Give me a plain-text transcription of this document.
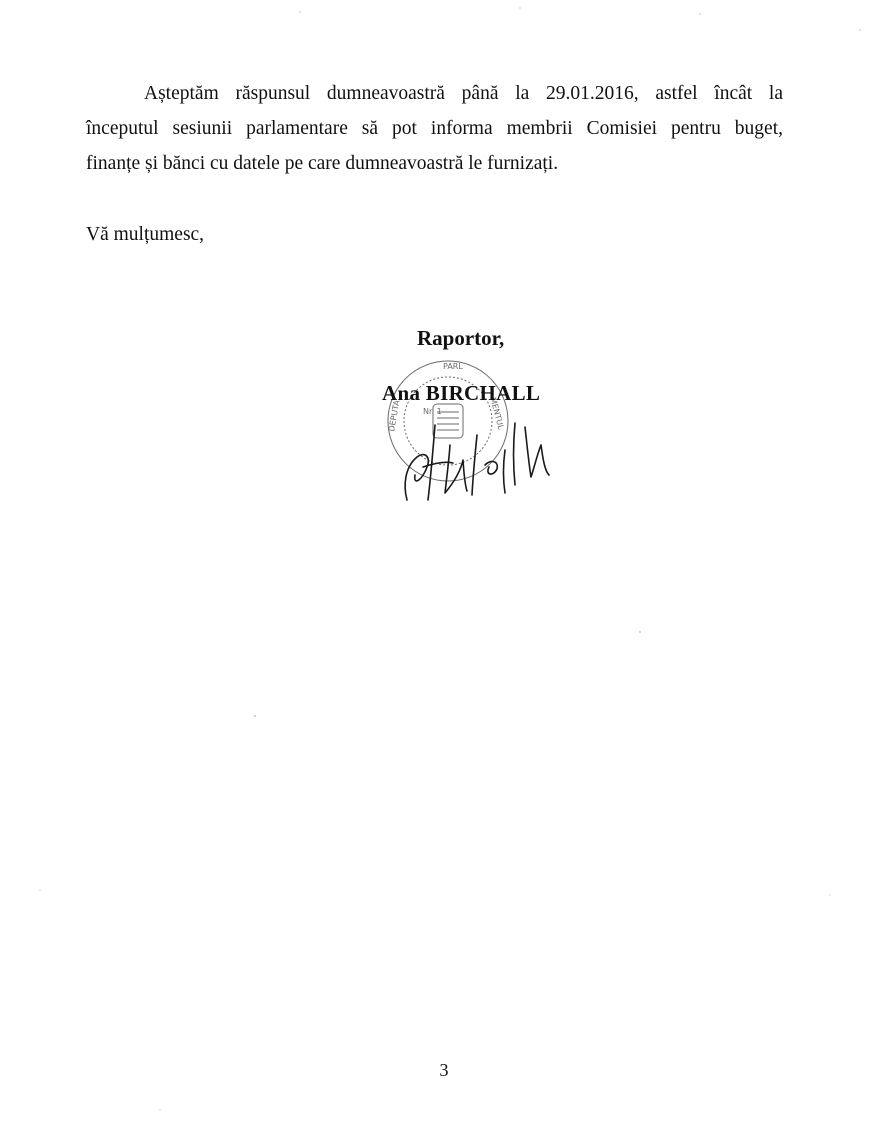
Așteptăm răspunsul dumneavoastră până la 29.01.2016, astfel încât la
începutul sesiunii parlamentare să pot informa membrii Comisiei pentru buget,
finanțe și bănci cu datele pe care dumneavoastră le furnizați.

Vă mulțumesc,

Raportor,

PARL
DEPUTA	MENTUL
Nr. 1

Ana BIRCHALL

3
